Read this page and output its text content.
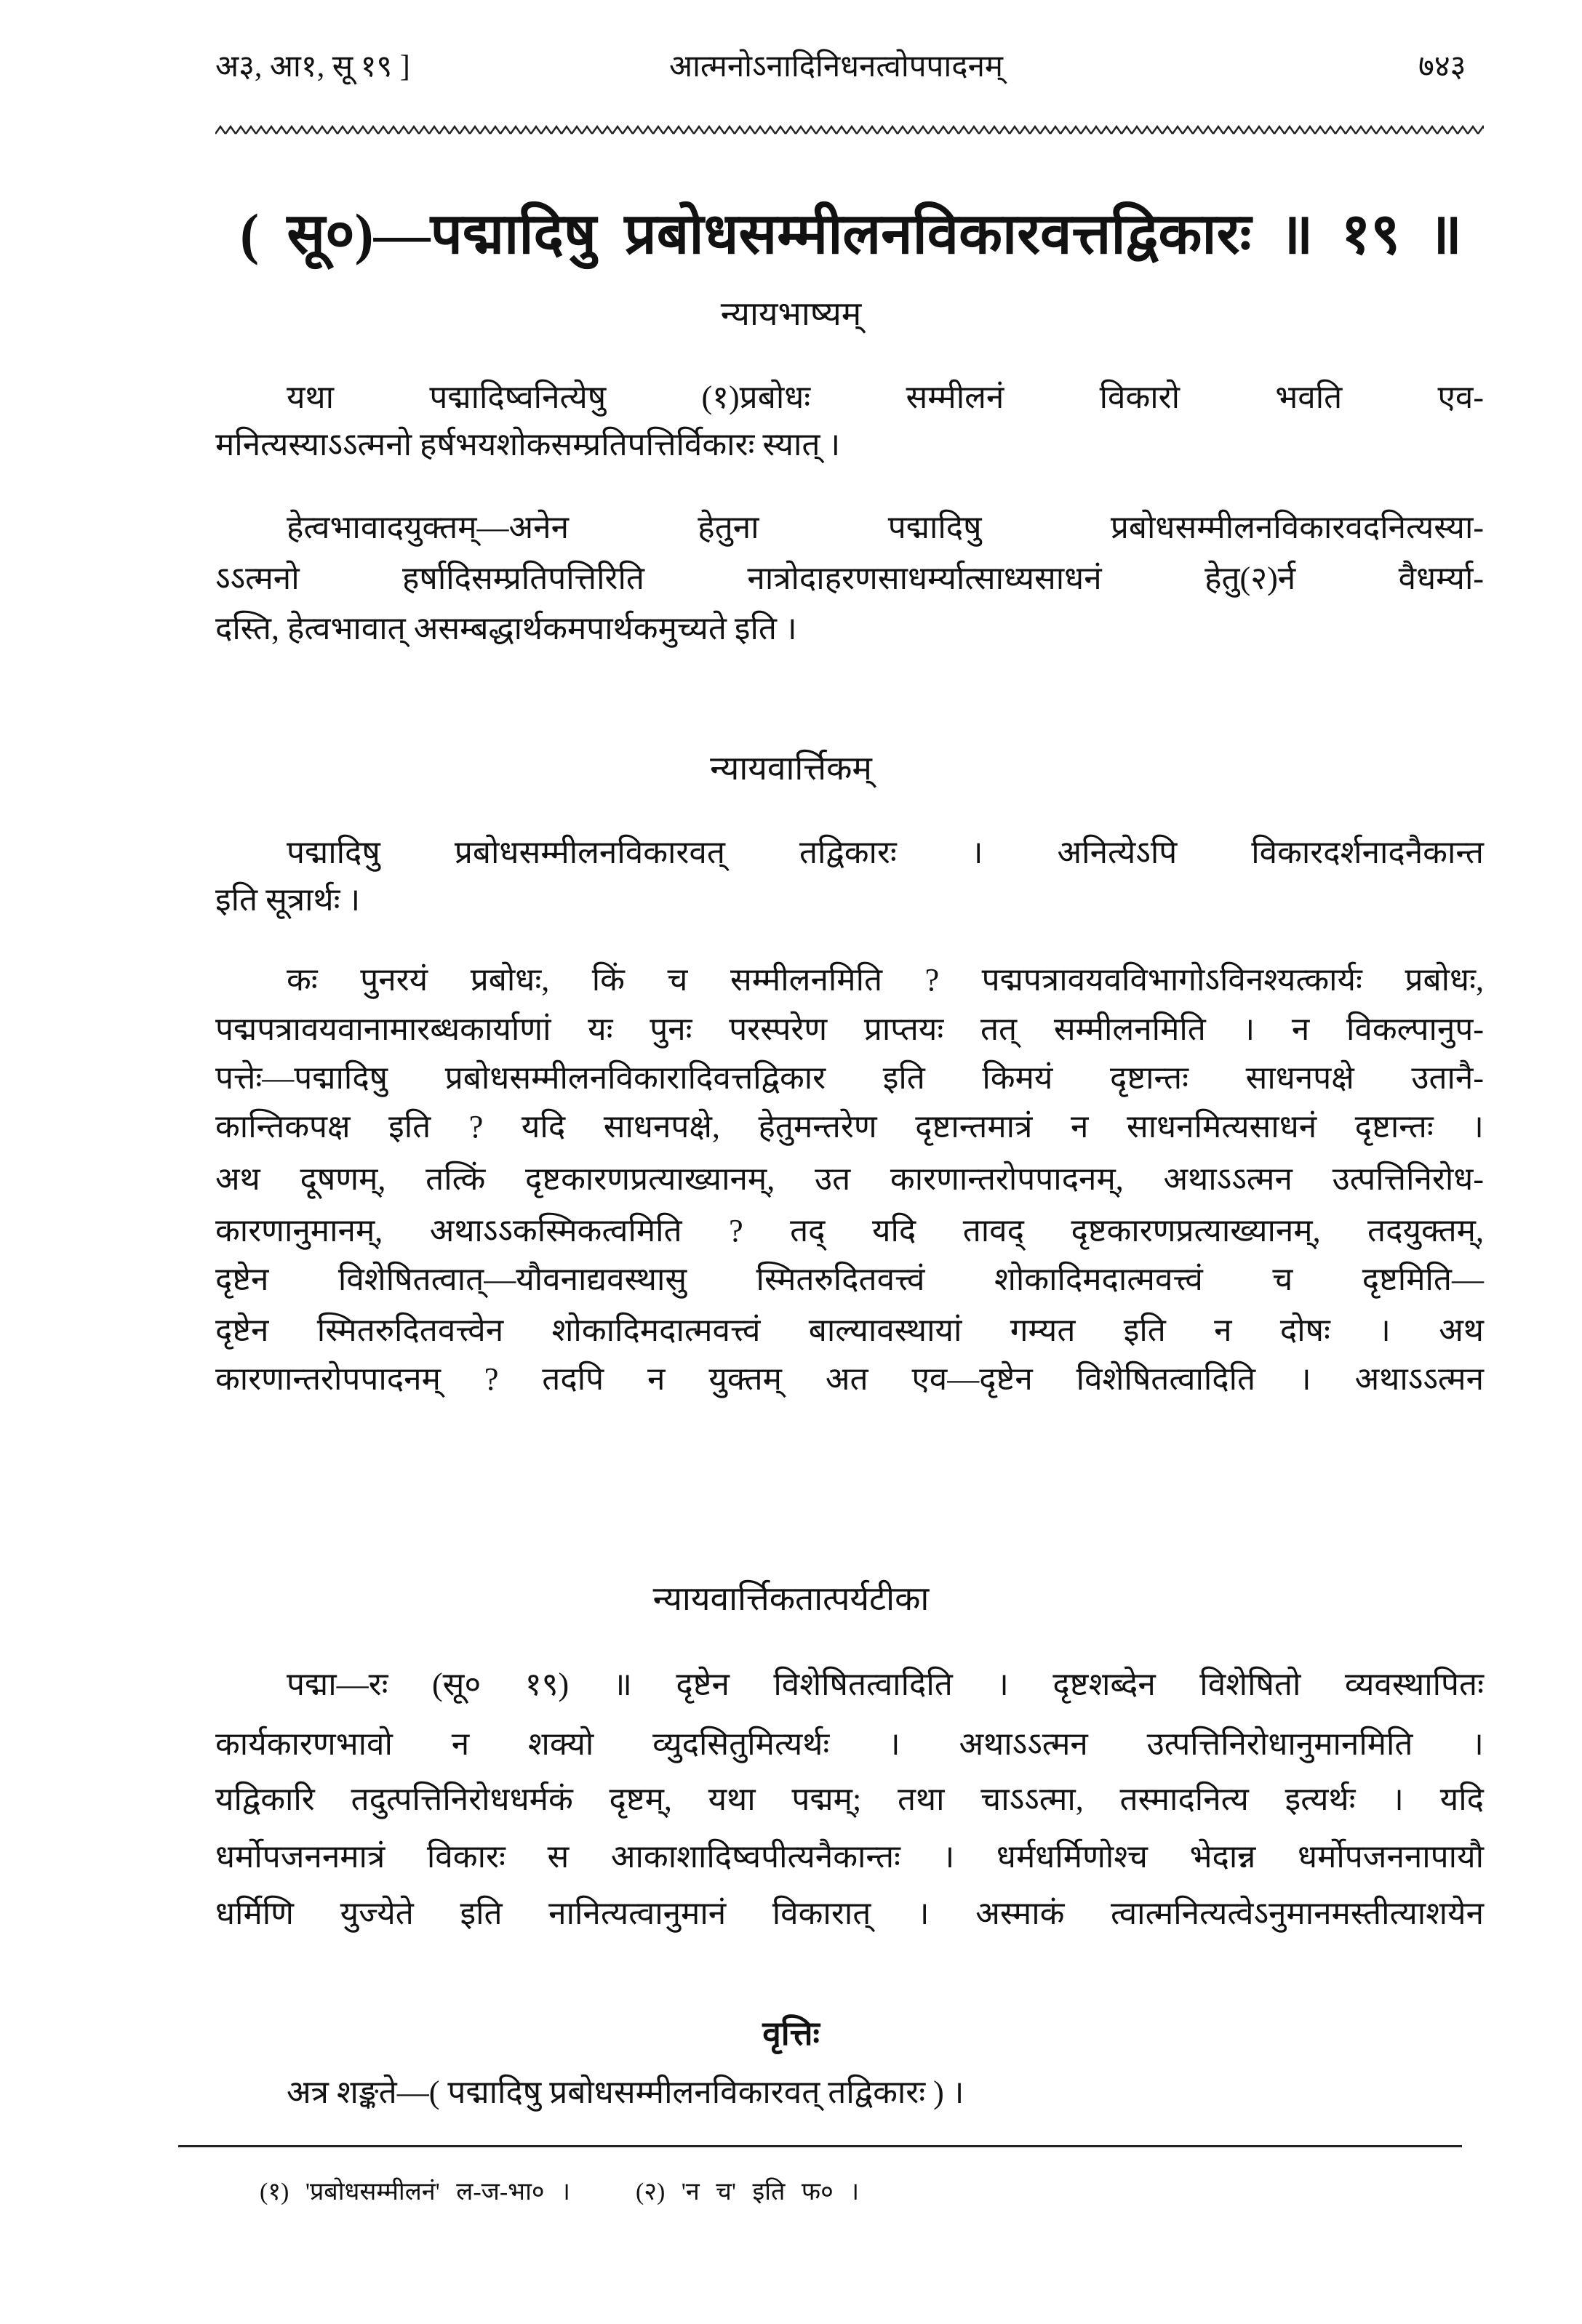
अ३, आ१, सू १९ ]	आत्मनोऽनादिनिधनत्वोपपादनम्	७४३
( सू०)—पद्मादिषु प्रबोधसम्मीलनविकारवत्तद्विकारः ॥ १९ ॥
न्यायभाष्यम्
यथा पद्मादिष्वनित्येषु (१)प्रबोधः सम्मीलनं विकारो भवति एव-
मनित्यस्याऽऽत्मनो हर्षभयशोकसम्प्रतिपत्तिर्विकारः स्यात् ।
हेत्वभावादयुक्तम्—अनेन हेतुना पद्मादिषु प्रबोधसम्मीलनविकारवदनित्यस्या-
ऽऽत्मनो हर्षादिसम्प्रतिपत्तिरिति नात्रोदाहरणसाधर्म्यात्साध्यसाधनं हेतु(२)र्न वैधर्म्या-
दस्ति, हेत्वभावात् असम्बद्धार्थकमपार्थकमुच्यते इति ।
न्यायवार्त्तिकम्
पद्मादिषु प्रबोधसम्मीलनविकारवत् तद्विकारः । अनित्येऽपि विकारदर्शनादनैकान्त
इति सूत्रार्थः ।
कः पुनरयं प्रबोधः, किं च सम्मीलनमिति ? पद्मपत्रावयवविभागोऽविनश्यत्कार्यः प्रबोधः,
पद्मपत्रावयवानामारब्धकार्याणां यः पुनः परस्परेण प्राप्तयः तत् सम्मीलनमिति । न विकल्पानुप-
पत्तेः—पद्मादिषु प्रबोधसम्मीलनविकारादिवत्तद्विकार इति किमयं दृष्टान्तः साधनपक्षे उतानै-
कान्तिकपक्ष इति ? यदि साधनपक्षे, हेतुमन्तरेण दृष्टान्तमात्रं न साधनमित्यसाधनं दृष्टान्तः ।
अथ दूषणम्, तत्किं दृष्टकारणप्रत्याख्यानम्, उत कारणान्तरोपपादनम्, अथाऽऽत्मन उत्पत्तिनिरोध-
कारणानुमानम्, अथाऽऽकस्मिकत्वमिति ? तद् यदि तावद् दृष्टकारणप्रत्याख्यानम्, तदयुक्तम्,
दृष्टेन विशेषितत्वात्—यौवनाद्यवस्थासु स्मितरुदितवत्त्वं शोकादिमदात्मवत्त्वं च दृष्टमिति—
दृष्टेन स्मितरुदितवत्त्वेन शोकादिमदात्मवत्त्वं बाल्यावस्थायां गम्यत इति न दोषः । अथ
कारणान्तरोपपादनम् ? तदपि न युक्तम् अत एव—दृष्टेन विशेषितत्वादिति । अथाऽऽत्मन
न्यायवार्त्तिकतात्पर्यटीका
पद्मा—रः (सू० १९) ॥ दृष्टेन विशेषितत्वादिति । दृष्टशब्देन विशेषितो व्यवस्थापितः
कार्यकारणभावो न शक्यो व्युदसितुमित्यर्थः । अथाऽऽत्मन उत्पत्तिनिरोधानुमानमिति ।
यद्विकारि तदुत्पत्तिनिरोधधर्मकं दृष्टम्, यथा पद्मम्; तथा चाऽऽत्मा, तस्मादनित्य इत्यर्थः । यदि
धर्मोपजननमात्रं विकारः स आकाशादिष्वपीत्यनैकान्तः । धर्मधर्मिणोश्च भेदान्न धर्मोपजननापायौ
धर्मिणि युज्येते इति नानित्यत्वानुमानं विकारात् । अस्माकं त्वात्मनित्यत्वेऽनुमानमस्तीत्याशयेन
वृत्तिः
अत्र शङ्कते—( पद्मादिषु प्रबोधसम्मीलनविकारवत् तद्विकारः ) ।
(१) 'प्रबोधसम्मीलनं' ल-ज-भा० ।	(२) 'न च' इति फ० ।
